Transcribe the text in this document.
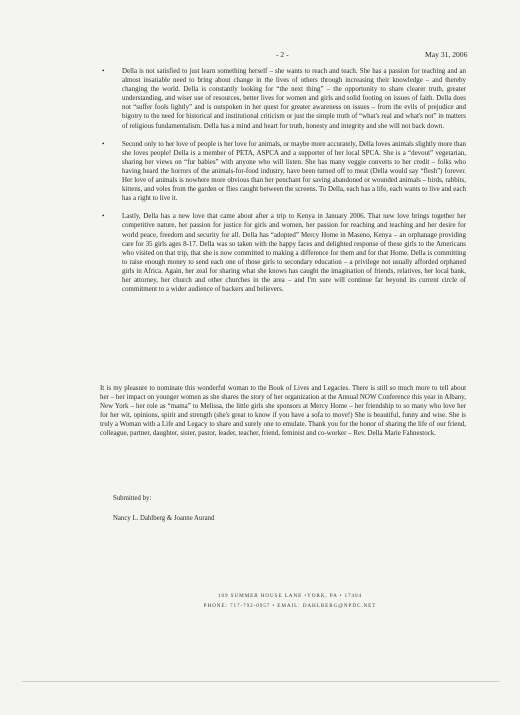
- 2 -	May 31, 2006
•	Della is not satisfied to just learn something herself – she wants to reach and teach. She has a passion for teaching and an almost insatiable need to bring about change in the lives of others through increasing their knowledge – and thereby changing the world. Della is constantly looking for “the next thing” – the opportunity to share clearer truth, greater understanding, and wiser use of resources, better lives for women and girls and solid footing on issues of faith. Della does not “suffer fools lightly” and is outspoken in her quest for greater awareness on issues – from the evils of prejudice and bigotry to the need for historical and institutional criticism or just the simple truth of “what's real and what's not” in matters of religious fundamentalism. Della has a mind and heart for truth, honesty and integrity and she will not back down.
•	Second only to her love of people is her love for animals, or maybe more accurately, Della loves animals slightly more than she loves people! Della is a member of PETA, ASPCA and a supporter of her local SPCA. She is a “devout” vegetarian, sharing her views on “fur babies” with anyone who will listen. She has many veggie converts to her credit – folks who having heard the horrors of the animals-for-food industry, have been turned off to meat (Della would say “flesh”) forever. Her love of animals is nowhere more obvious than her penchant for saving abandoned or wounded animals – birds, rabbits, kittens, and voles from the garden or flies caught between the screens. To Della, each has a life, each wants to live and each has a right to live it.
•	Lastly, Della has a new love that came about after a trip to Kenya in January 2006. That new love brings together her competitive nature, her passion for justice for girls and women, her passion for reaching and teaching and her desire for world peace, freedom and security for all. Della has “adopted” Mercy Home in Maseno, Kenya – an orphanage providing care for 35 girls ages 8-17. Della was so taken with the happy faces and delighted response of these girls to the Americans who visited on that trip, that she is now committed to making a difference for them and for that Home. Della is committing to raise enough money to send each one of those girls to secondary education – a privilege not usually afforded orphaned girls in Africa. Again, her zeal for sharing what she knows has caught the imagination of friends, relatives, her local bank, her attorney, her church and other churches in the area – and I'm sure will continue far beyond its current circle of commitment to a wider audience of backers and believers.

It is my pleasure to nominate this wonderful woman to the Book of Lives and Legacies. There is still so much more to tell about her – her impact on younger women as she shares the story of her organization at the Annual NOW Conference this year in Albany, New York – her role as “mama” to Melissa, the little girls she sponsors at Mercy Home – her friendship to so many who love her for her wit, opinions, spirit and strength (she's great to know if you have a sofa to move!) She is beautiful, funny and wise. She is truly a Woman with a Life and Legacy to share and surely one to emulate. Thank you for the honor of sharing the life of our friend, colleague, partner, daughter, sister, pastor, leader, teacher, friend, feminist and co-worker – Rev. Della Marie Fahnestock.

Submitted by:
Nancy L. Dahlberg & Joanne Aurand
109 SUMMER HOUSE LANE •YORK, PA • 17404
PHONE: 717-792-0957 • EMAIL: DAHLBERG@NPDC.NET
